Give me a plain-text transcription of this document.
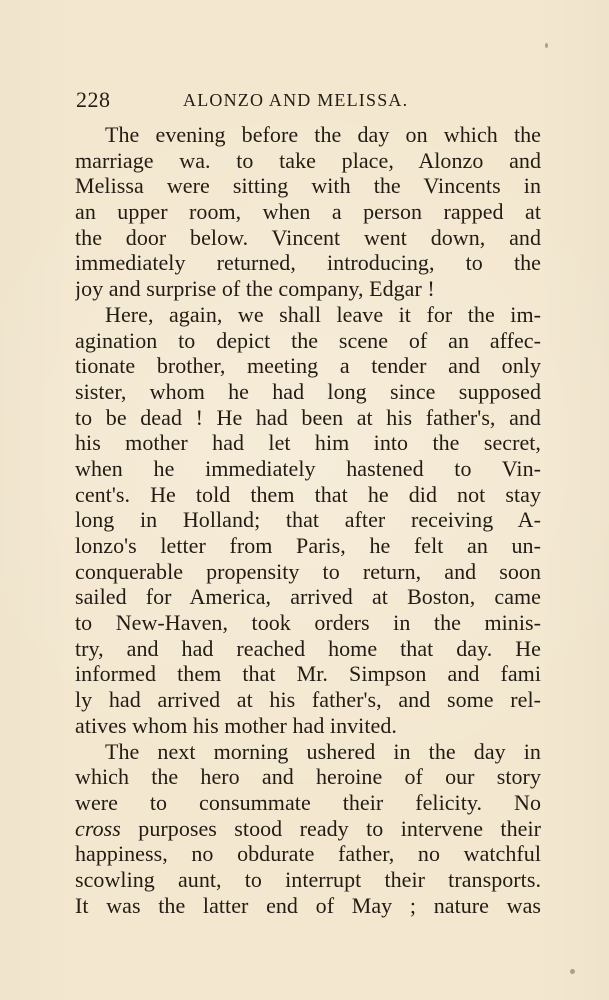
228	ALONZO AND MELISSA.
The evening before the day on which the
marriage wa. to take place, Alonzo and
Melissa were sitting with the Vincents in
an upper room, when a person rapped at
the door below. Vincent went down, and
immediately returned, introducing, to the
joy and surprise of the company, Edgar !
Here, again, we shall leave it for the im-
agination to depict the scene of an affec-
tionate brother, meeting a tender and only
sister, whom he had long since supposed
to be dead ! He had been at his father's, and
his mother had let him into the secret,
when he immediately hastened to Vin-
cent's. He told them that he did not stay
long in Holland; that after receiving A-
lonzo's letter from Paris, he felt an un-
conquerable propensity to return, and soon
sailed for America, arrived at Boston, came
to New-Haven, took orders in the minis-
try, and had reached home that day. He
informed them that Mr. Simpson and fami
ly had arrived at his father's, and some rel-
atives whom his mother had invited.
The next morning ushered in the day in
which the hero and heroine of our story
were to consummate their felicity. No
cross purposes stood ready to intervene their
happiness, no obdurate father, no watchful
scowling aunt, to interrupt their transports.
It was the latter end of May ; nature was
